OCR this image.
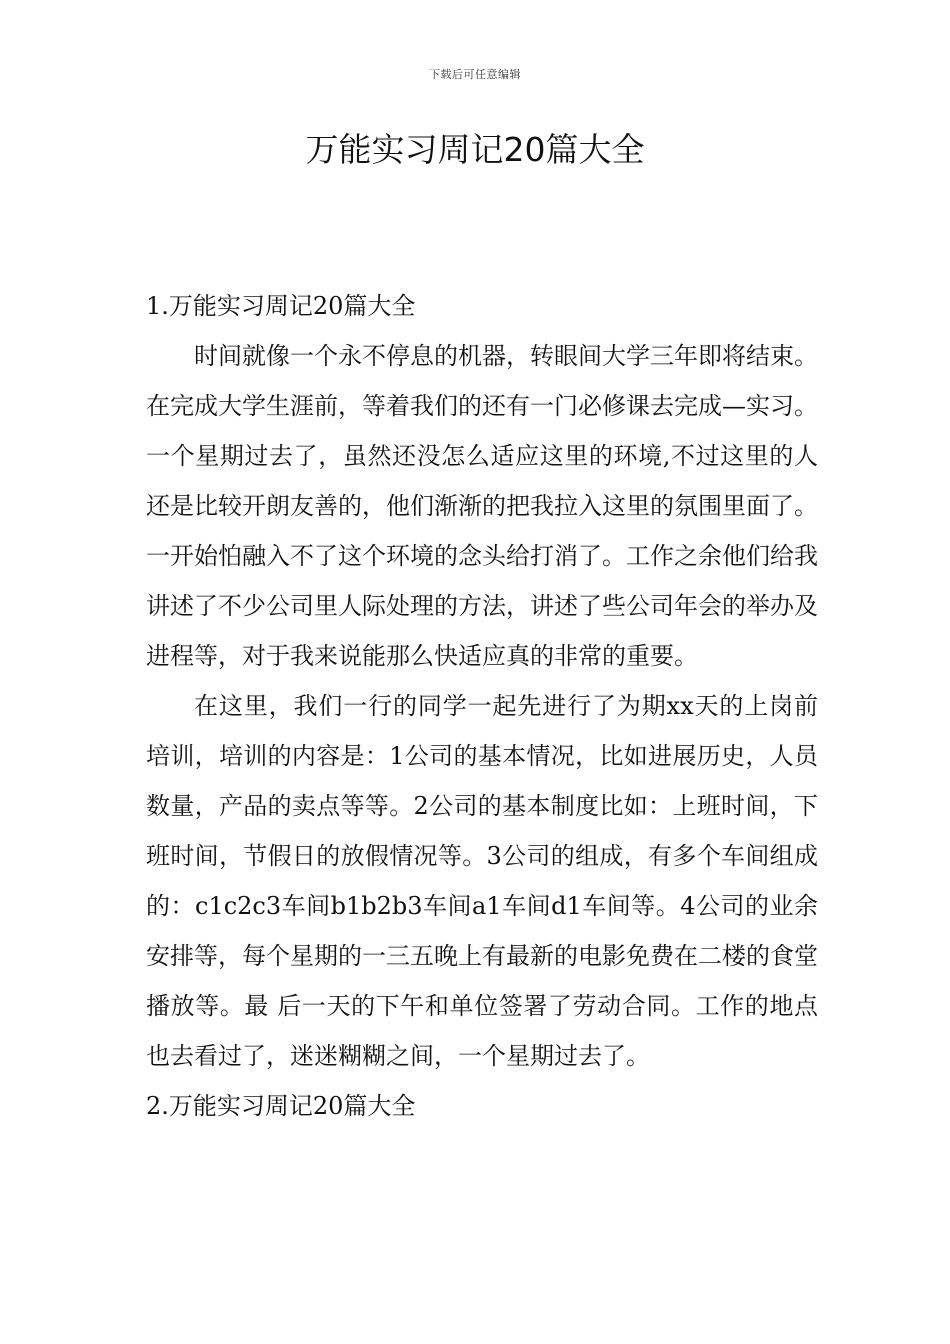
下载后可任意编辑
万能实习周记20篇大全

1.万能实习周记20篇大全

时间就像一个永不停息的机器，转眼间大学三年即将结束。在完成大学生涯前，等着我们的还有一门必修课去完成—实习。一个星期过去了，虽然还没怎么适应这里的环境,不过这里的人还是比较开朗友善的，他们渐渐的把我拉入这里的氛围里面了。一开始怕融入不了这个环境的念头给打消了。工作之余他们给我讲述了不少公司里人际处理的方法，讲述了些公司年会的举办及进程等，对于我来说能那么快适应真的非常的重要。

在这里，我们一行的同学一起先进行了为期xx天的上岗前培训，培训的内容是：1公司的基本情况，比如进展历史，人员数量，产品的卖点等等。2公司的基本制度比如：上班时间，下班时间，节假日的放假情况等。3公司的组成，有多个车间组成的：c1c2c3车间b1b2b3车间a1车间d1车间等。4公司的业余安排等，每个星期的一三五晚上有最新的电影免费在二楼的食堂播放等。最 后一天的下午和单位签署了劳动合同。工作的地点也去看过了，迷迷糊糊之间，一个星期过去了。

2.万能实习周记20篇大全
